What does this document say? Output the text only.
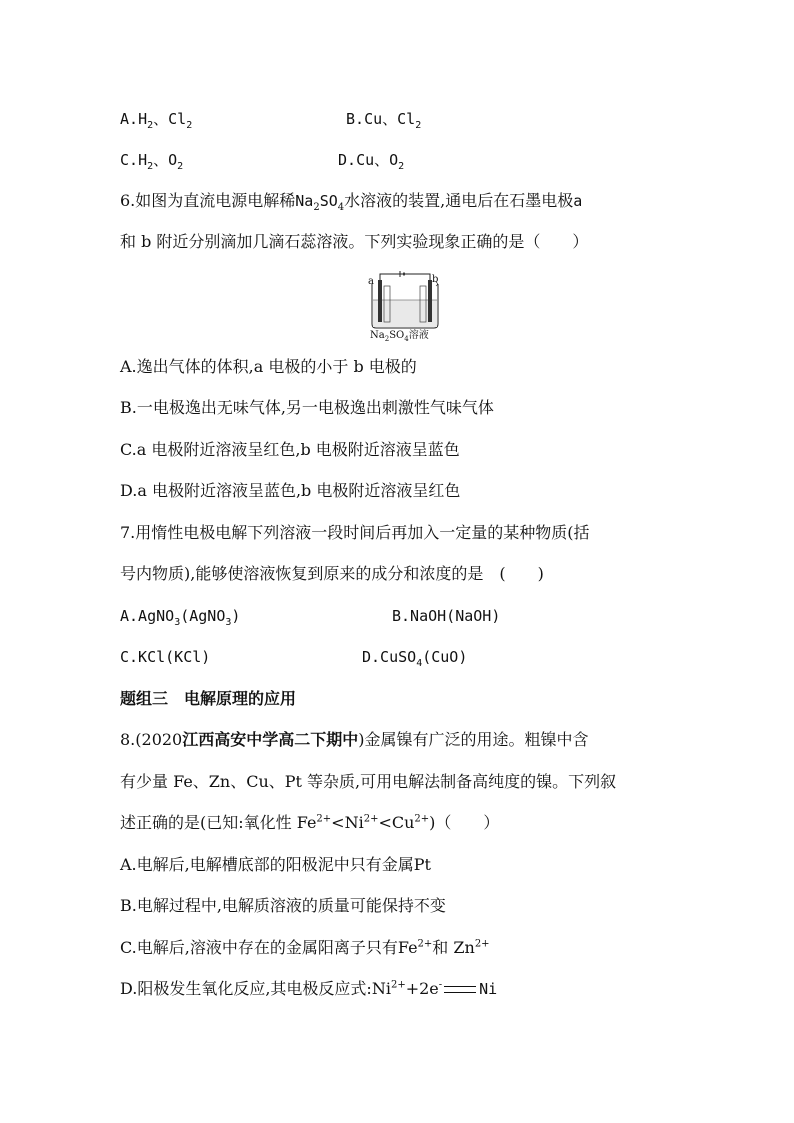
$A.H_2$、$Cl_2$	B.Cu、$Cl_2$
$C.H_2$、$O_2$	D.Cu、$O_2$
6.如图为直流电源电解稀$Na_2SO_4$水溶液的装置,通电后在石墨电极a
和 b 附近分别滴加几滴石蕊溶液。下列实验现象正确的是（　　）
a	b
$Na_2SO_4$溶液
A.逸出气体的体积,a 电极的小于 b 电极的
B.一电极逸出无味气体,另一电极逸出刺激性气味气体
C.a 电极附近溶液呈红色,b 电极附近溶液呈蓝色
D.a 电极附近溶液呈蓝色,b 电极附近溶液呈红色
7.用惰性电极电解下列溶液一段时间后再加入一定量的某种物质(括
号内物质),能够使溶液恢复到原来的成分和浓度的是　(　　)
A.AgNO$_3$(AgNO$_3$)	B.NaOH(NaOH)
C.KCl(KCl)	D.CuSO$_4$(CuO)
题组三　电解原理的应用
8.(2020江西高安中学高二下期中)金属镍有广泛的用途。粗镍中含
有少量 Fe、Zn、Cu、Pt 等杂质,可用电解法制备高纯度的镍。下列叙
述正确的是(已知:氧化性 $Fe^{2+}<Ni^{2+}<Cu^{2+}$)（　　）
A.电解后,电解槽底部的阳极泥中只有金属Pt
B.电解过程中,电解质溶液的质量可能保持不变
C.电解后,溶液中存在的金属阳离子只有$Fe^{2+}$和 $Zn^{2+}$
D.阳极发生氧化反应,其电极反应式$:Ni^{2+}+2e^-$ Ni
